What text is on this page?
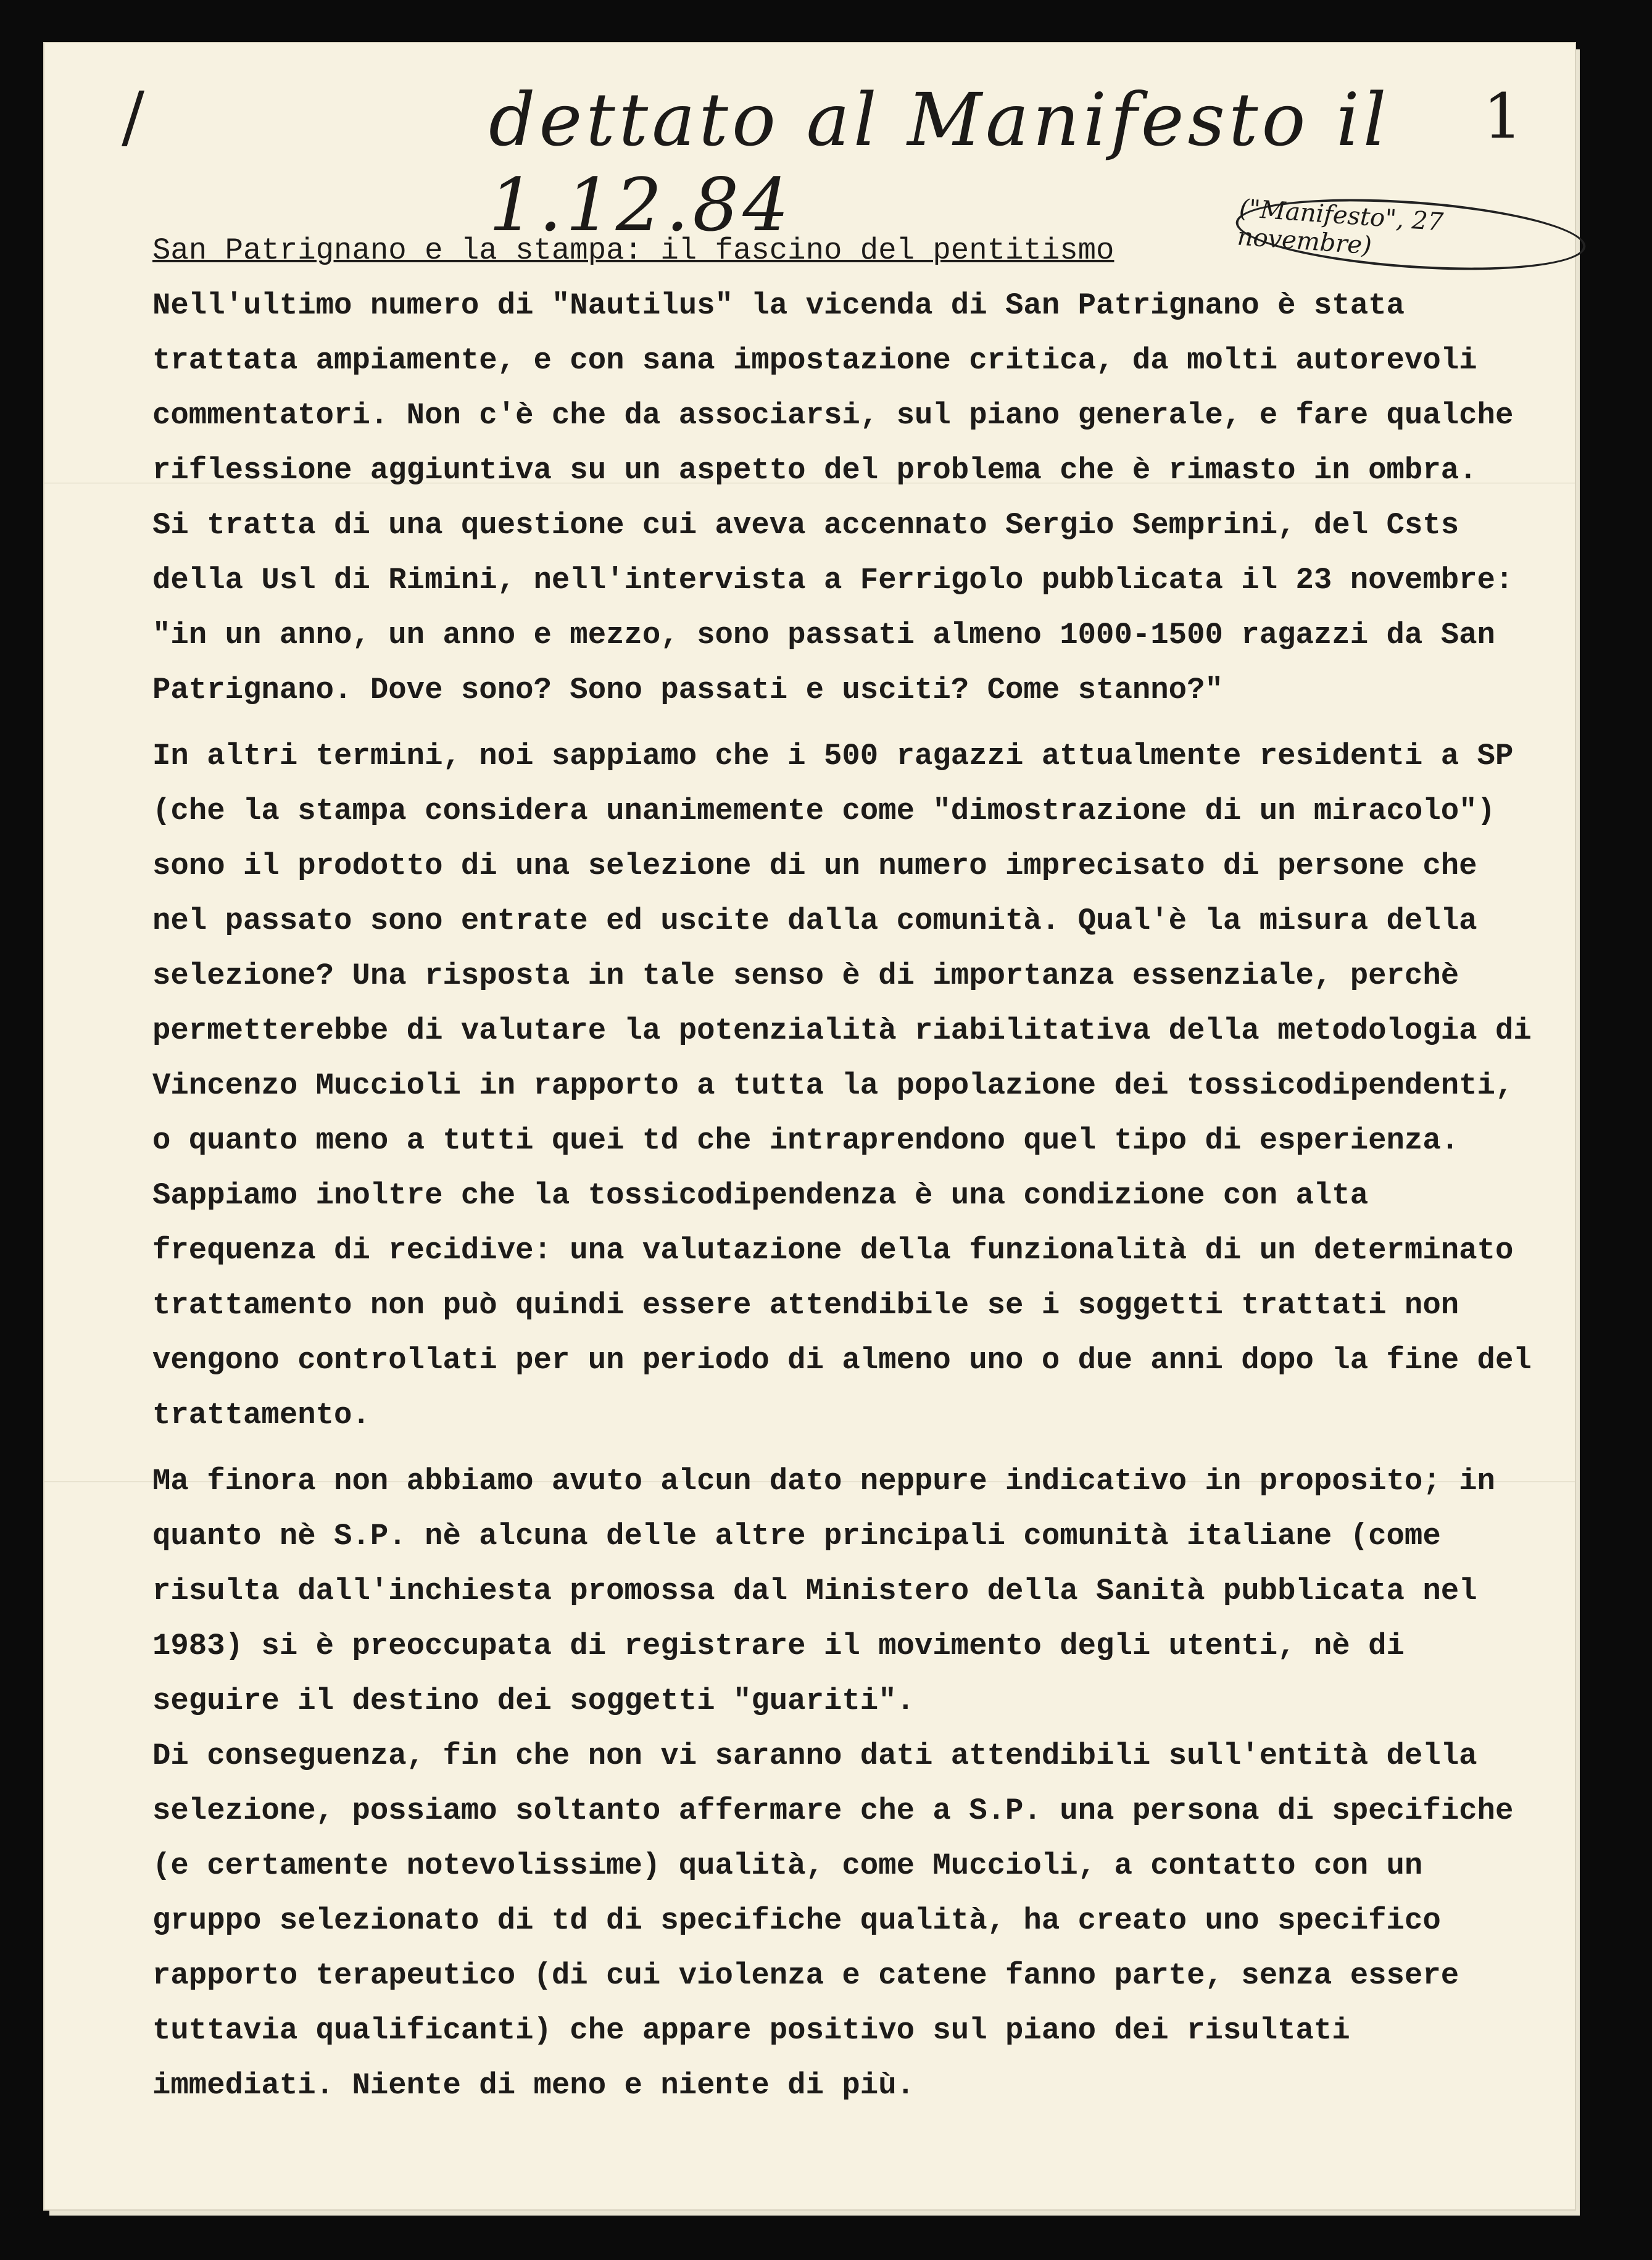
/	dettato al Manifesto il 1.12.84
1
("Manifesto", 27 novembre)

San Patrignano e la stampa: il fascino del pentitismo

Nell'ultimo numero di "Nautilus" la vicenda di San Patrignano è stata trattata ampiamente, e con sana impostazione critica, da molti autorevoli commentatori. Non c'è che da associarsi, sul piano generale, e fare qualche riflessione aggiuntiva su un aspetto del problema che è rimasto in ombra.

Si tratta di una questione cui aveva accennato Sergio Semprini, del Csts della Usl di Rimini, nell'intervista a Ferrigolo pubblicata il 23 novembre: "in un anno, un anno e mezzo, sono passati almeno 1000-1500 ragazzi da San Patrignano. Dove sono? Sono passati e usciti? Come stanno?"

In altri termini, noi sappiamo che i 500 ragazzi attualmente residenti a SP (che la stampa considera unanimemente come "dimostrazione di un miracolo") sono il prodotto di una selezione di un numero imprecisato di persone che nel passato sono entrate ed uscite dalla comunità. Qual'è la misura della selezione? Una risposta in tale senso è di importanza essenziale, perchè permetterebbe di valutare la potenzialità riabilitativa della metodologia di Vincenzo Muccioli in rapporto a tutta la popolazione dei tossicodipendenti, o quanto meno a tutti quei td che intraprendono quel tipo di esperienza.

Sappiamo inoltre che la tossicodipendenza è una condizione con alta frequenza di recidive: una valutazione della funzionalità di un determinato trattamento non può quindi essere attendibile se i soggetti trattati non vengono controllati per un periodo di almeno uno o due anni dopo la fine del trattamento.

Ma finora non abbiamo avuto alcun dato neppure indicativo in proposito; in quanto nè S.P. nè alcuna delle altre principali comunità italiane (come risulta dall'inchiesta promossa dal Ministero della Sanità pubblicata nel 1983) si è preoccupata di registrare il movimento degli utenti, nè di seguire il destino dei soggetti "guariti".

Di conseguenza, fin che non vi saranno dati attendibili sull'entità della selezione, possiamo soltanto affermare che a S.P. una persona di specifiche (e certamente notevolissime) qualità, come Muccioli, a contatto con un gruppo selezionato di td di specifiche qualità, ha creato uno specifico rapporto terapeutico (di cui violenza e catene fanno parte, senza essere tuttavia qualificanti) che appare positivo sul piano dei risultati immediati. Niente di meno e niente di più.
